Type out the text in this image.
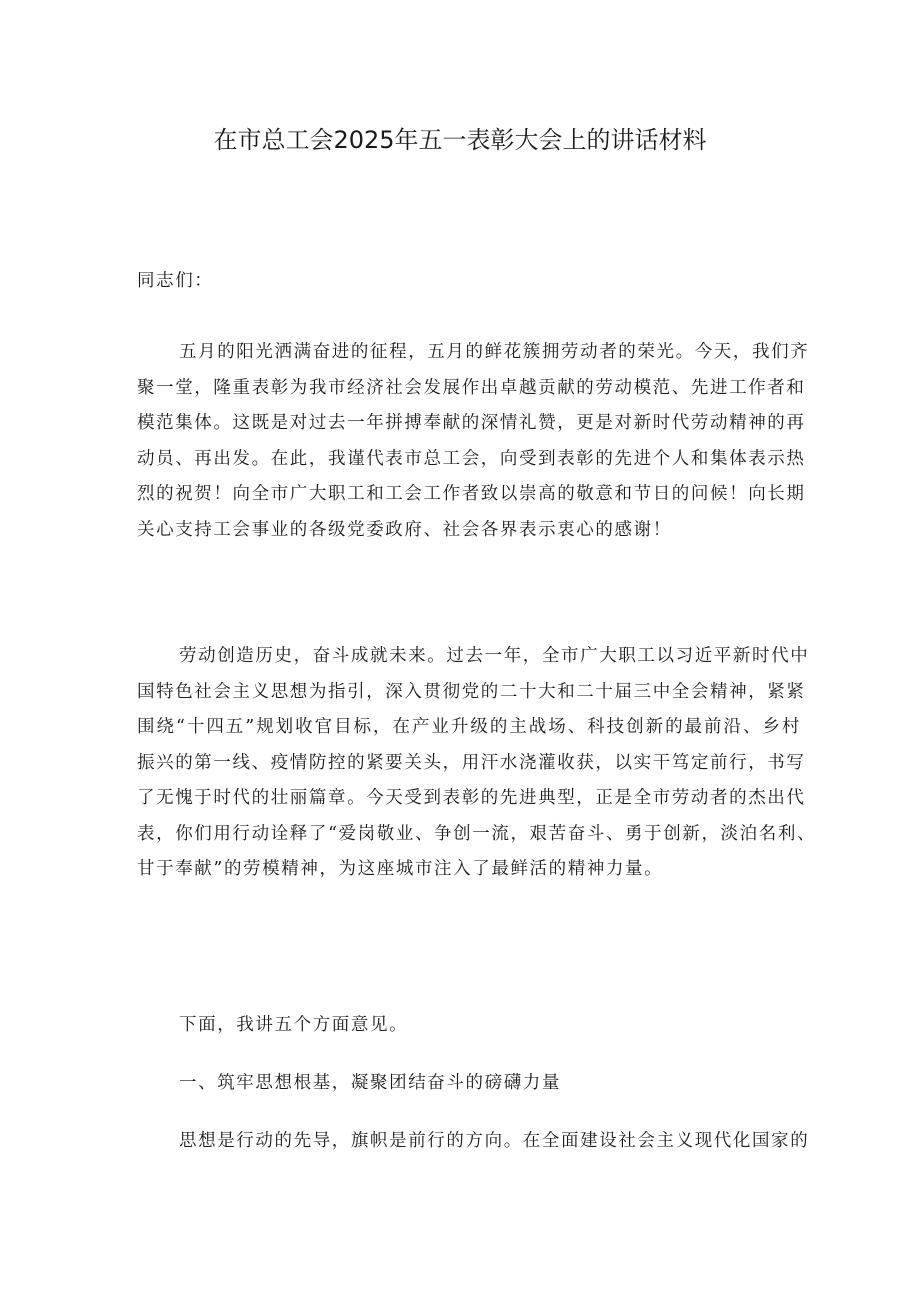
在市总工会2025年五一表彰大会上的讲话材料

同志们：

五月的阳光洒满奋进的征程，五月的鲜花簇拥劳动者的荣光。今天，我们齐
聚一堂，隆重表彰为我市经济社会发展作出卓越贡献的劳动模范、先进工作者和
模范集体。这既是对过去一年拼搏奉献的深情礼赞，更是对新时代劳动精神的再
动员、再出发。在此，我谨代表市总工会，向受到表彰的先进个人和集体表示热
烈的祝贺！向全市广大职工和工会工作者致以崇高的敬意和节日的问候！向长期
关心支持工会事业的各级党委政府、社会各界表示衷心的感谢！

劳动创造历史，奋斗成就未来。过去一年，全市广大职工以习近平新时代中
国特色社会主义思想为指引，深入贯彻党的二十大和二十届三中全会精神，紧紧
围绕“十四五”规划收官目标，在产业升级的主战场、科技创新的最前沿、乡村
振兴的第一线、疫情防控的紧要关头，用汗水浇灌收获，以实干笃定前行，书写
了无愧于时代的壮丽篇章。今天受到表彰的先进典型，正是全市劳动者的杰出代
表，你们用行动诠释了“爱岗敬业、争创一流，艰苦奋斗、勇于创新，淡泊名利、
甘于奉献”的劳模精神，为这座城市注入了最鲜活的精神力量。

下面，我讲五个方面意见。

一、筑牢思想根基，凝聚团结奋斗的磅礴力量

思想是行动的先导，旗帜是前行的方向。在全面建设社会主义现代化国家的
